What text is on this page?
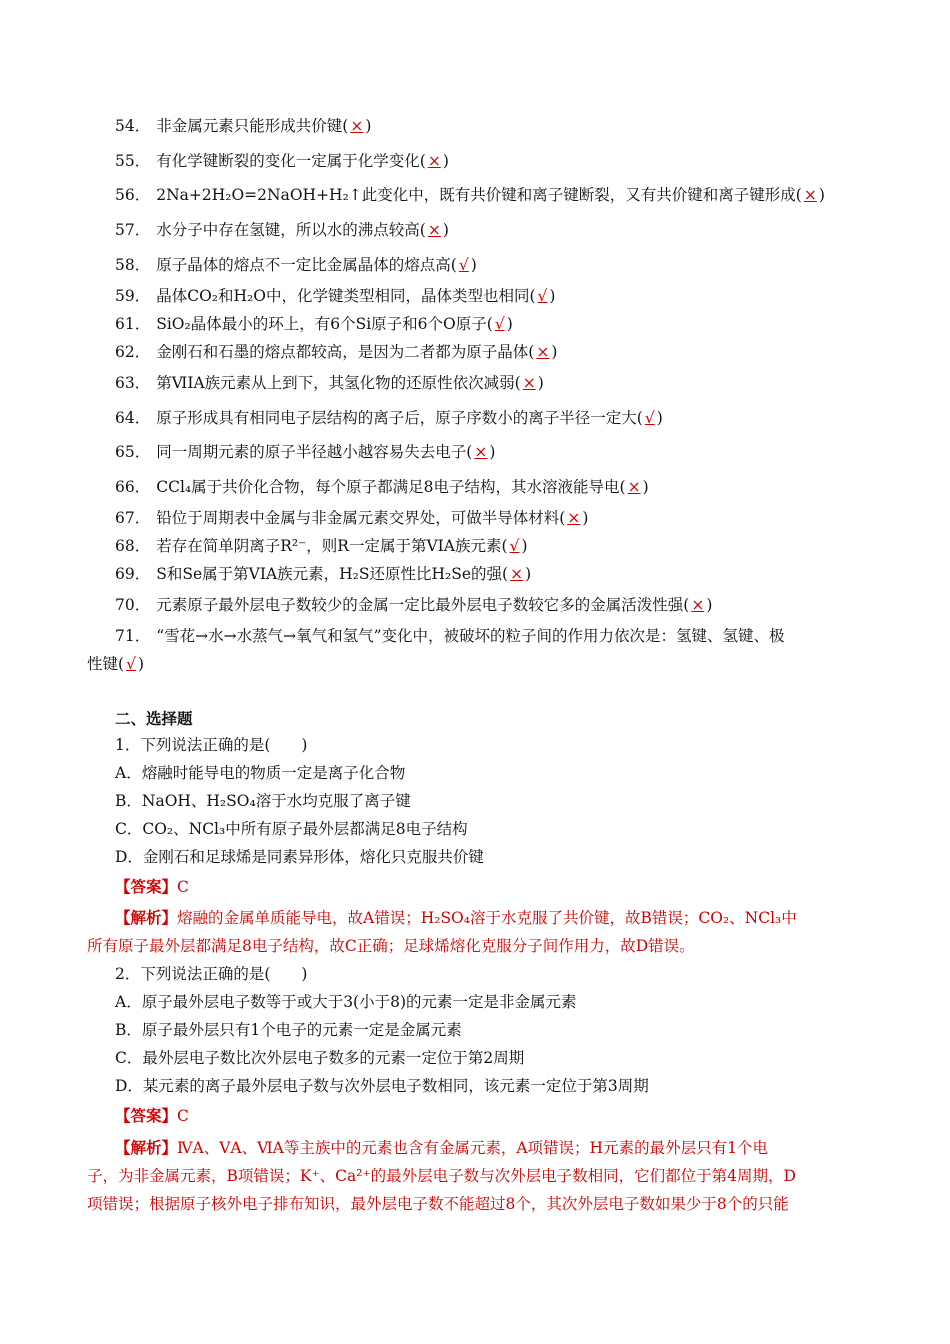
54． 非金属元素只能形成共价键( × )
55． 有化学键断裂的变化一定属于化学变化( × )
56． 2Na+2H₂O=2NaOH+H₂↑此变化中，既有共价键和离子键断裂，又有共价键和离子键形成( × )
57． 水分子中存在氢键，所以水的沸点较高( × )
58． 原子晶体的熔点不一定比金属晶体的熔点高( √ )
59． 晶体CO₂和H₂O中，化学键类型相同，晶体类型也相同( √ )
61． SiO₂晶体最小的环上，有6个Si原子和6个O原子( √ )
62． 金刚石和石墨的熔点都较高，是因为二者都为原子晶体( × )
63． 第ⅥIA族元素从上到下，其氢化物的还原性依次减弱( × )
64． 原子形成具有相同电子层结构的离子后，原子序数小的离子半径一定大( √ )
65． 同一周期元素的原子半径越小越容易失去电子( × )
66． CCl₄属于共价化合物，每个原子都满足8电子结构，其水溶液能导电( × )
67． 铅位于周期表中金属与非金属元素交界处，可做半导体材料( × )
68． 若存在简单阴离子R²⁻，则R一定属于第VIA族元素( √ )
69． S和Se属于第VIA族元素，H₂S还原性比H₂Se的强( × )
70． 元素原子最外层电子数较少的金属一定比最外层电子数较它多的金属活泼性强( × )
71． “雪花→水→水蒸气→氧气和氢气”变化中，被破坏的粒子间的作用力依次是：氢键、氢键、极
性键( √ )
二、选择题
1．下列说法正确的是(　　)
A．熔融时能导电的物质一定是离子化合物
B．NaOH、H₂SO₄溶于水均克服了离子键
C．CO₂、NCl₃中所有原子最外层都满足8电子结构
D．金刚石和足球烯是同素异形体，熔化只克服共价键
【答案】C
【解析】熔融的金属单质能导电，故A错误；H₂SO₄溶于水克服了共价键，故B错误；CO₂、NCl₃中
所有原子最外层都满足8电子结构，故C正确；足球烯熔化克服分子间作用力，故D错误。
2．下列说法正确的是(　　)
A．原子最外层电子数等于或大于3(小于8)的元素一定是非金属元素
B．原子最外层只有1个电子的元素一定是金属元素
C．最外层电子数比次外层电子数多的元素一定位于第2周期
D．某元素的离子最外层电子数与次外层电子数相同，该元素一定位于第3周期
【答案】C
【解析】ⅣA、ⅤA、ⅥA等主族中的元素也含有金属元素，A项错误；H元素的最外层只有1个电
子，为非金属元素，B项错误；K⁺、Ca²⁺的最外层电子数与次外层电子数相同，它们都位于第4周期，D
项错误；根据原子核外电子排布知识，最外层电子数不能超过8个，其次外层电子数如果少于8个的只能
